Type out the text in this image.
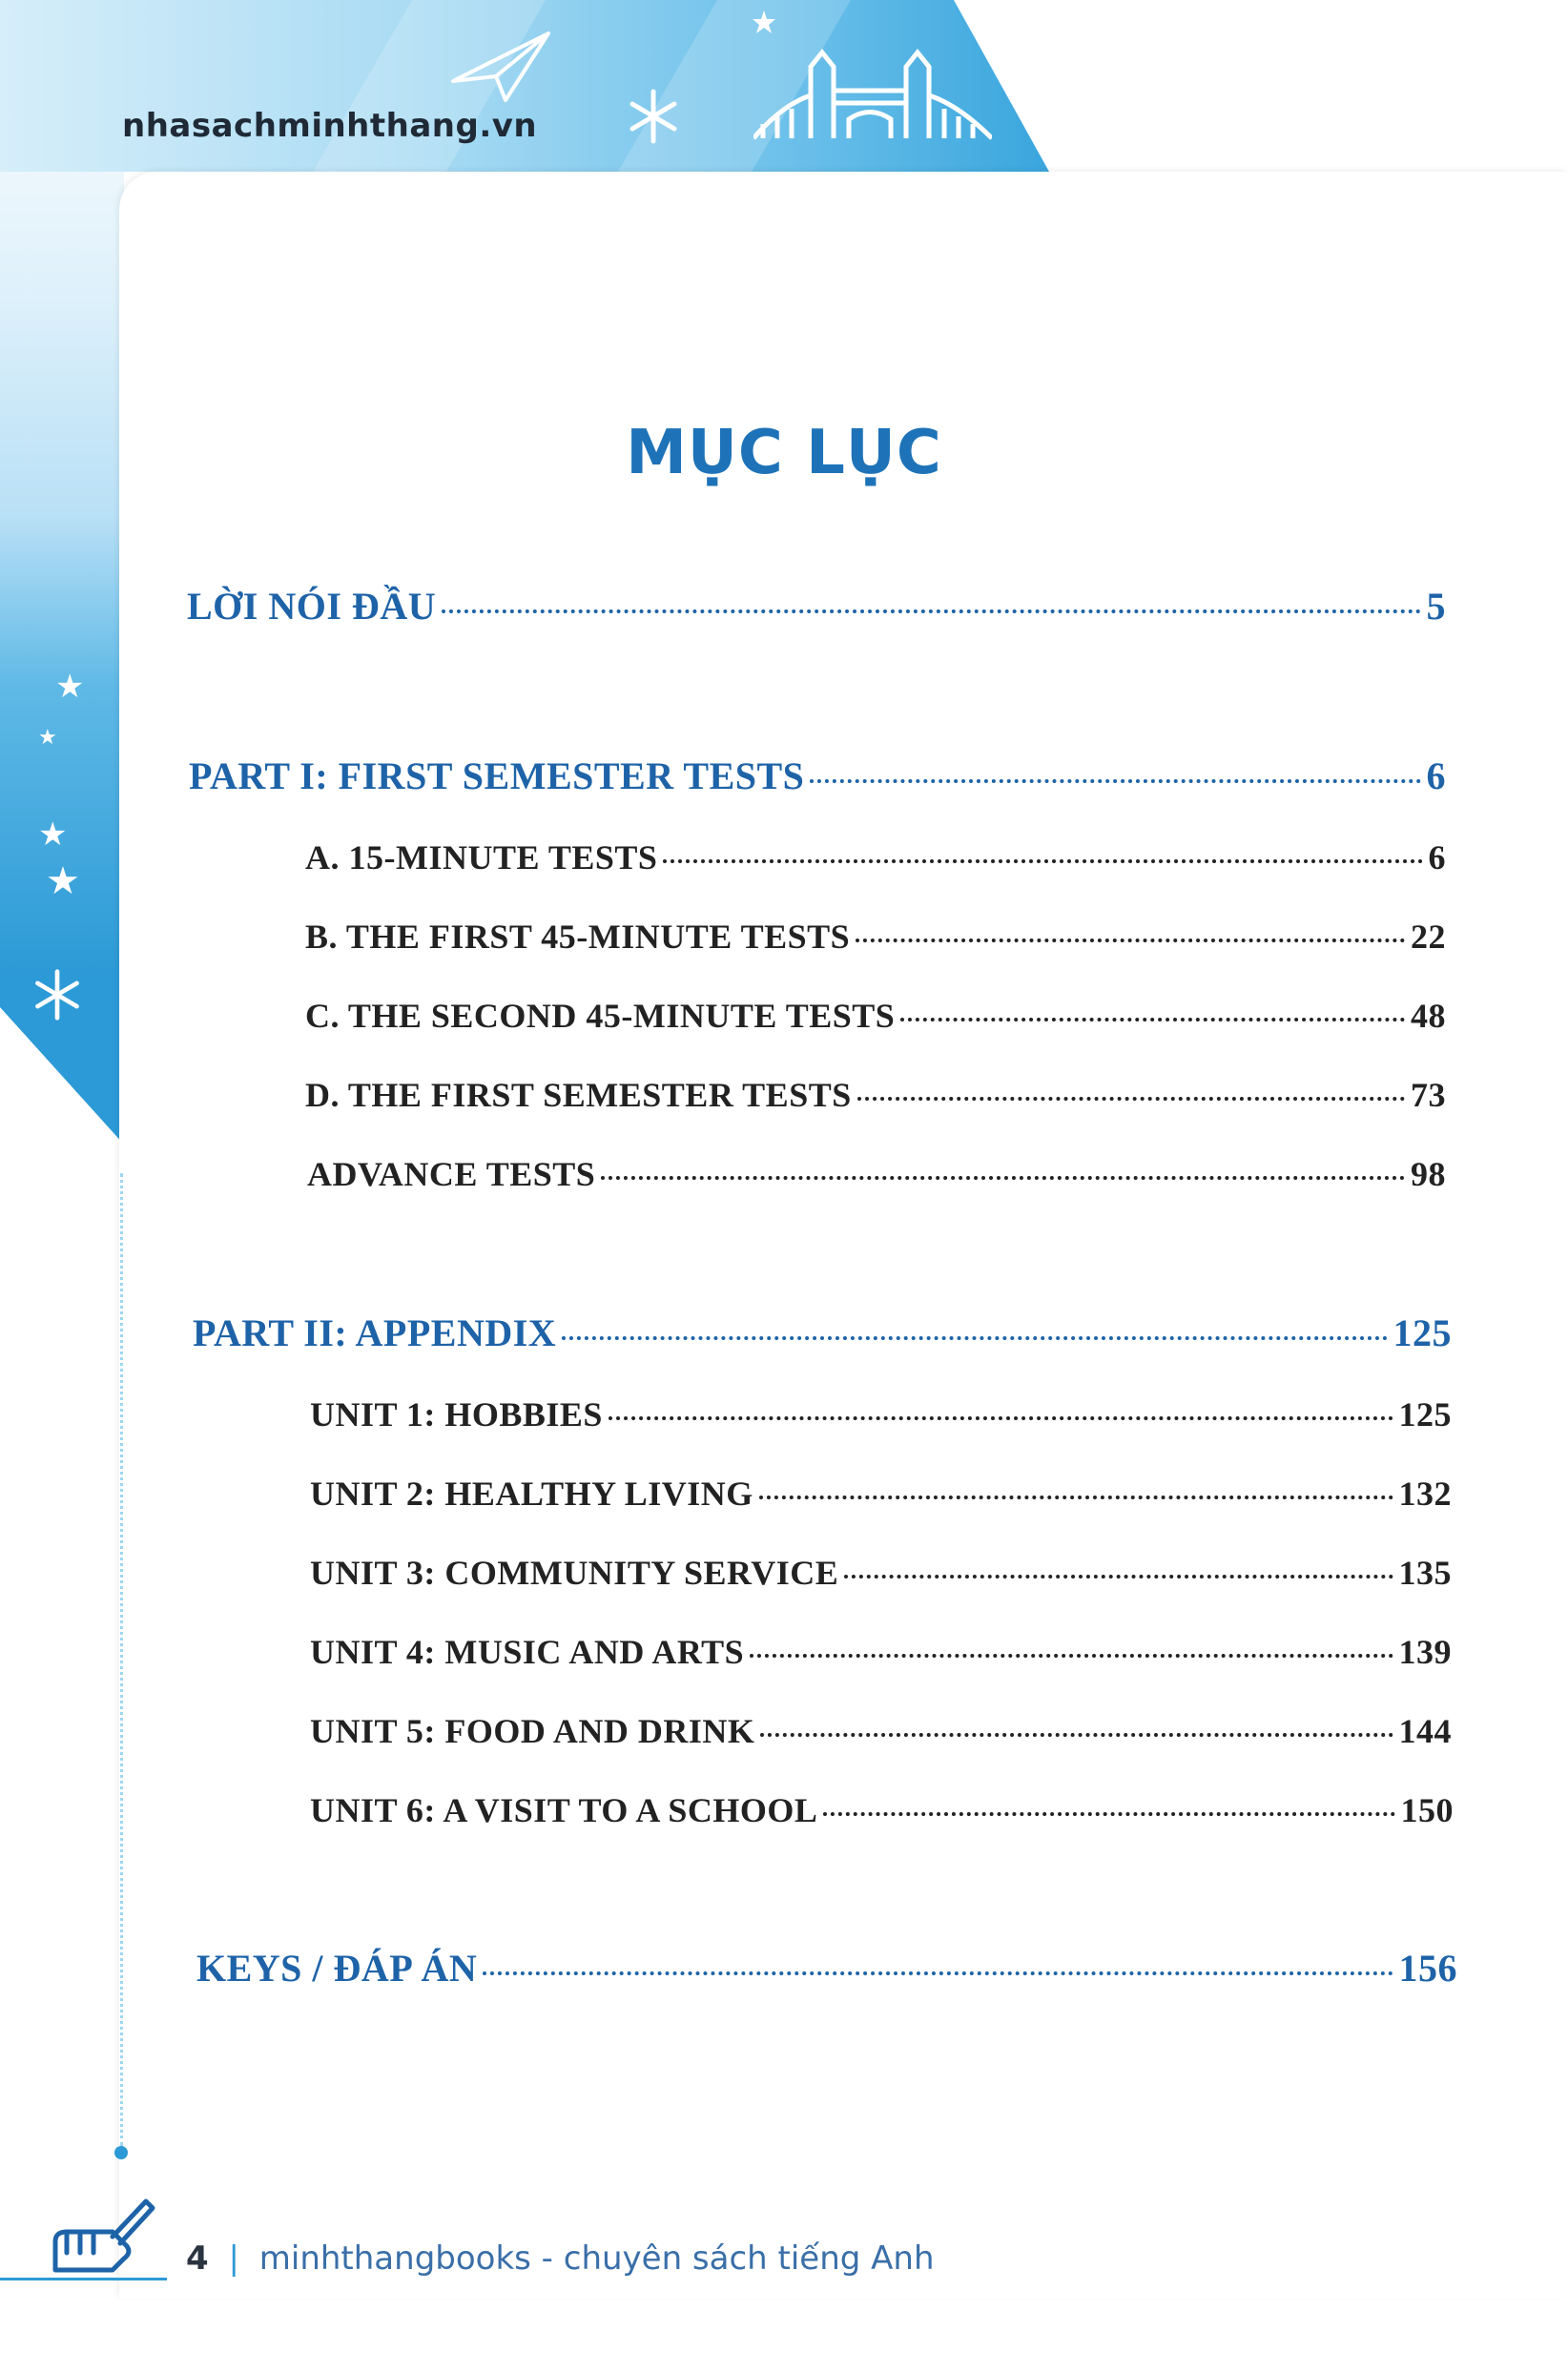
nhasachminhthang.vn
★
★
★
★
MỤC LỤC
LỜI NÓI ĐẦU	5
PART I: FIRST SEMESTER TESTS	6
A. 15-MINUTE TESTS	6
B. THE FIRST 45-MINUTE TESTS	22
C. THE SECOND 45-MINUTE TESTS	48
D. THE FIRST SEMESTER TESTS	73
ADVANCE TESTS	98
PART II: APPENDIX	125
UNIT 1: HOBBIES	125
UNIT 2: HEALTHY LIVING	132
UNIT 3: COMMUNITY SERVICE	135
UNIT 4: MUSIC AND ARTS	139
UNIT 5: FOOD AND DRINK	144
UNIT 6: A VISIT TO A SCHOOL	150
KEYS / ĐÁP ÁN	156
4 | minhthangbooks - chuyên sách tiếng Anh
